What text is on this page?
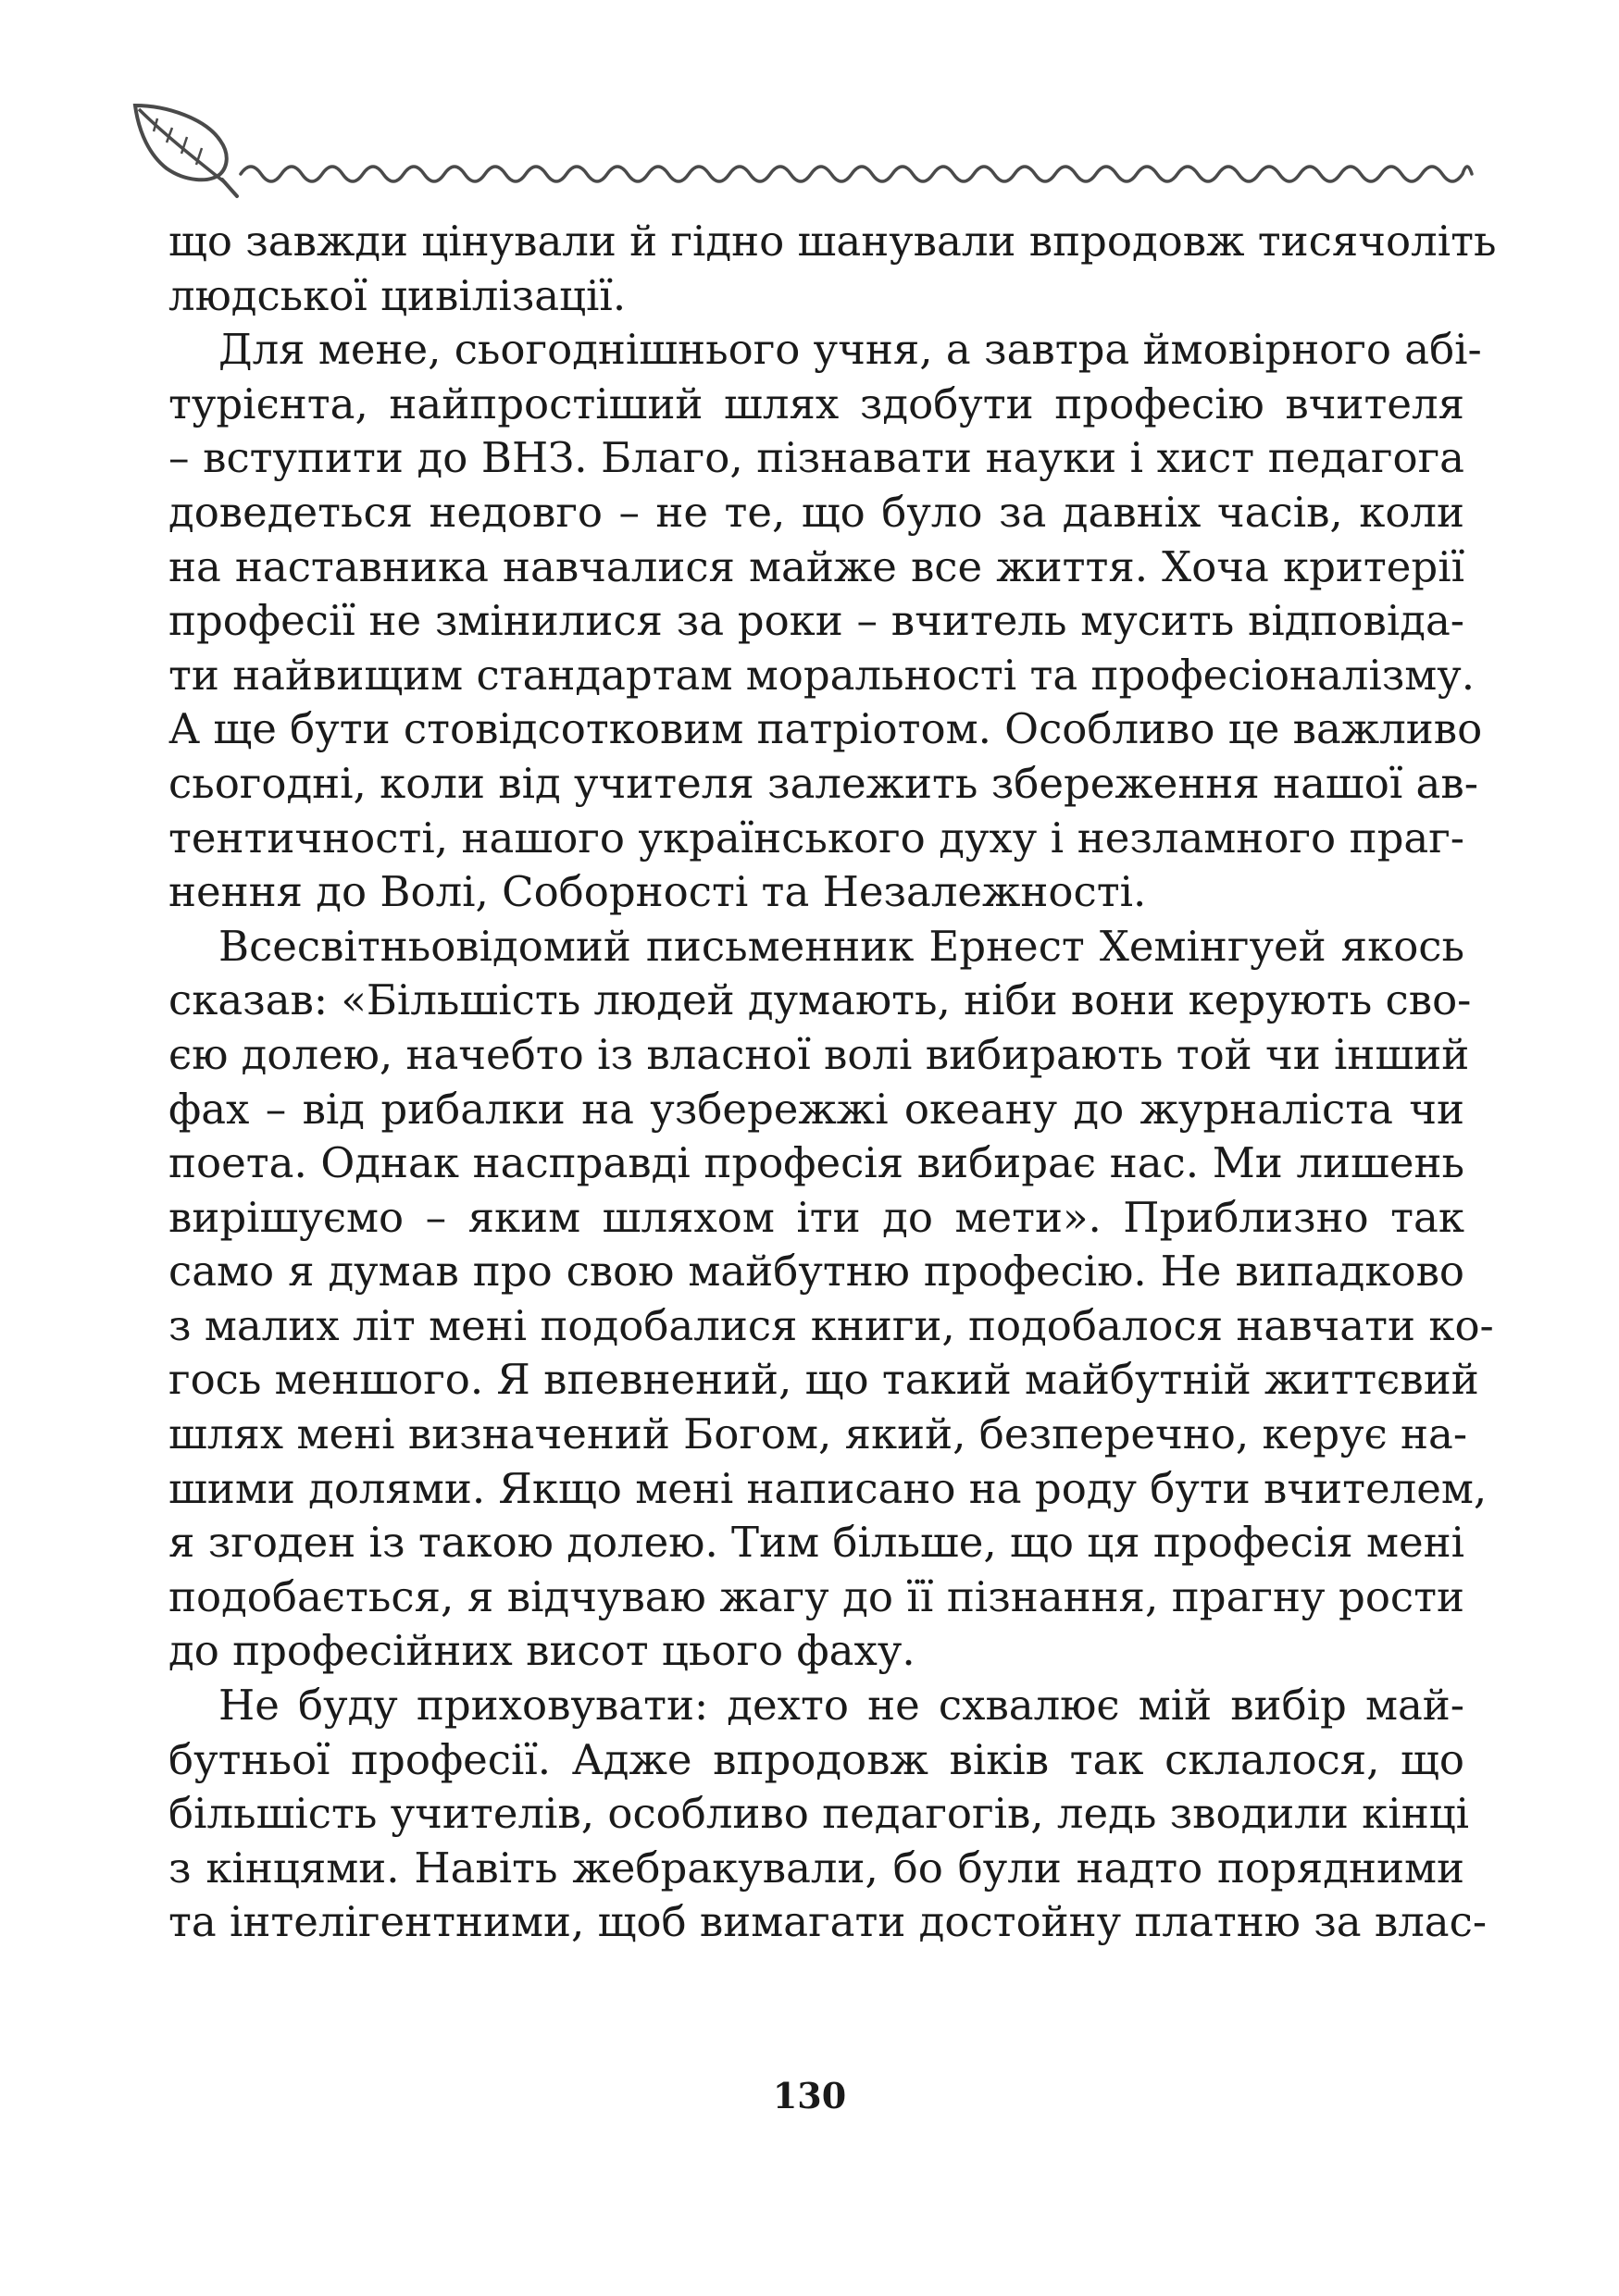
що завжди цінували й гідно шанували впродовж тисячоліть
людської цивілізації.

Для мене, сьогоднішнього учня, а завтра ймовірного абі-
турієнта, найпростіший шлях здобути професію вчителя
– вступити до ВНЗ. Благо, пізнавати науки і хист педагога
доведеться недовго – не те, що було за давніх часів, коли
на наставника навчалися майже все життя. Хоча критерії
професії не змінилися за роки – вчитель мусить відповіда-
ти найвищим стандартам моральності та професіоналізму.
А ще бути стовідсотковим патріотом. Особливо це важливо
сьогодні, коли від учителя залежить збереження нашої ав-
тентичності, нашого українського духу і незламного праг-
нення до Волі, Соборності та Незалежності.

Всесвітньовідомий письменник Ернест Хемінгуей якось
сказав: «Більшість людей думають, ніби вони керують сво-
єю долею, начебто із власної волі вибирають той чи інший
фах – від рибалки на узбережжі океану до журналіста чи
поета. Однак насправді професія вибирає нас. Ми лишень
вирішуємо – яким шляхом іти до мети». Приблизно так
само я думав про свою майбутню професію. Не випадково
з малих літ мені подобалися книги, подобалося навчати ко-
гось меншого. Я впевнений, що такий майбутній життєвий
шлях мені визначений Богом, який, безперечно, керує на-
шими долями. Якщо мені написано на роду бути вчителем,
я згоден із такою долею. Тим більше, що ця професія мені
подобається, я відчуваю жагу до її пізнання, прагну рости
до професійних висот цього фаху.

Не буду приховувати: дехто не схвалює мій вибір май-
бутньої професії. Адже впродовж віків так склалося, що
більшість учителів, особливо педагогів, ледь зводили кінці
з кінцями. Навіть жебракували, бо були надто порядними
та інтелігентними, щоб вимагати достойну платню за влас-

130
